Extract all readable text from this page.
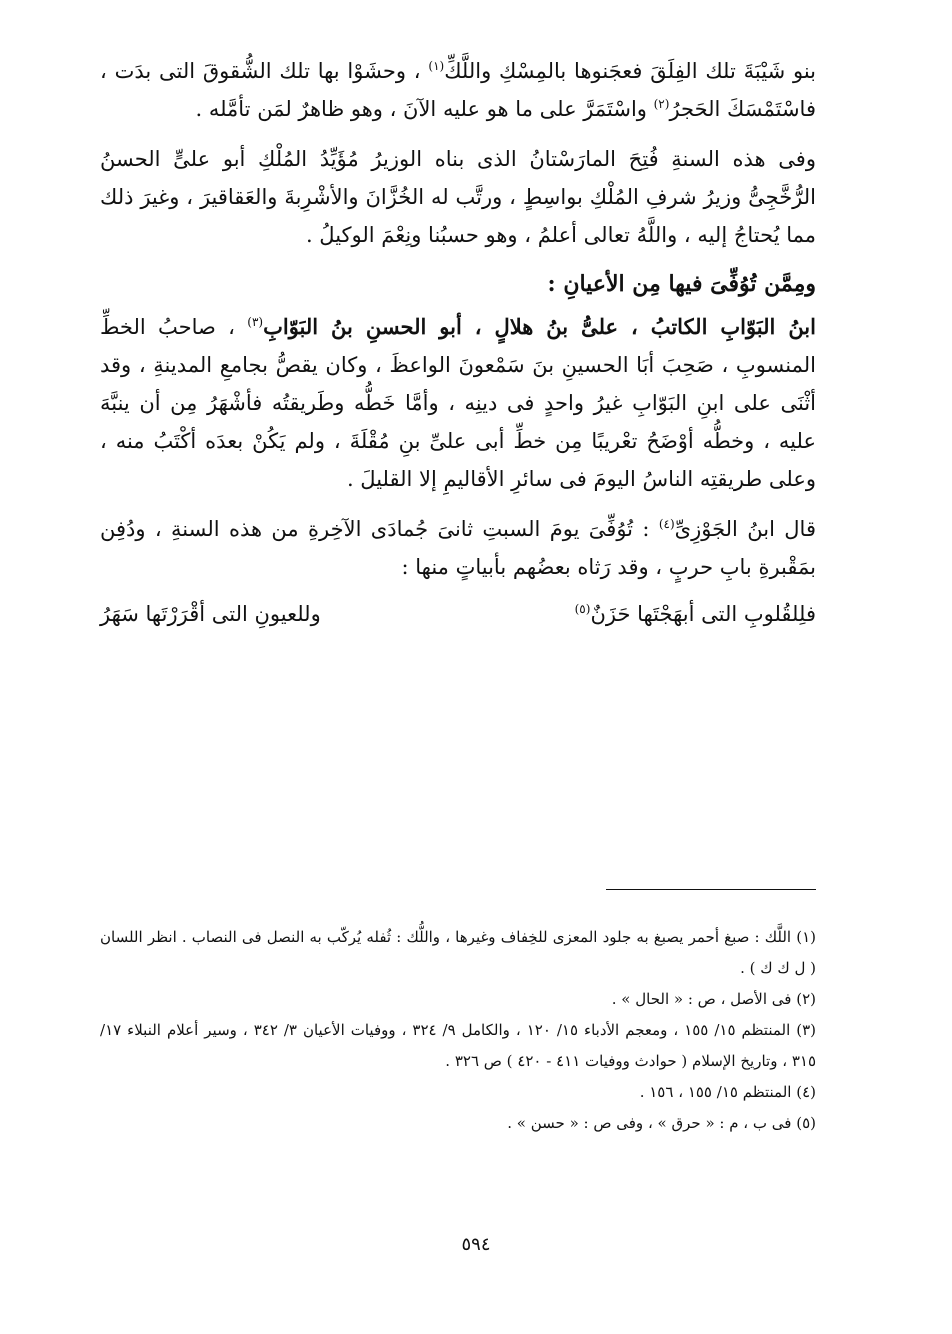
بنو شَيْبَةَ تلك الفِلَقَ فعجَنوها بالمِسْكِ واللَّكِّ$^{(١)}$ ، وحشَوْا بها تلك الشُّقوقَ التى بدَت ، فاسْتَمْسَكَ الحَجرُ$^{(٢)}$ واسْتَمَرَّ على ما هو عليه الآنَ ، وهو ظاهرٌ لمَن تأمَّله .

وفى هذه السنةِ فُتِحَ المارَسْتانُ الذى بناه الوزيرُ مُؤَيِّدُ المُلْكِ أبو علىٍّ الحسنُ الرُّخَّجِىُّ وزيرُ شرفِ المُلْكِ بواسِطٍ ، ورتَّب له الخُزَّانَ والأشْرِبةَ والعَقاقيرَ ، وغيرَ ذلك مما يُحتاجُ إليه ، واللَّهُ تعالى أعلمُ ، وهو حسبُنا ونِعْمَ الوكيلُ .

ومِمَّن تُوُفِّىَ فيها مِن الأعيانِ :

ابنُ البَوّابِ الكاتبُ ، علىُّ بنُ هلالٍ ، أبو الحسنِ بنُ البَوّابِ$^{(٣)}$ ، صاحبُ الخطِّ المنسوبِ ، صَحِبَ أبَا الحسينِ بنَ سَمْعونَ الواعظَ ، وكان يقصُّ بجامعِ المدينةِ ، وقد أثْنَى على ابنِ البَوّابِ غيرُ واحدٍ فى دينِه ، وأمَّا خَطُّه وطَريقتُه فأشْهَرُ مِن أن ينبَّهَ عليه ، وخطُّه أوْضَحُ تعْريبًا مِن خطِّ أبى علىِّ بنِ مُقْلَةَ ، ولم يَكُنْ بعدَه أكْتَبُ منه ، وعلى طريقتِه الناسُ اليومَ فى سائرِ الأقاليمِ إلا القليلَ .

قال ابنُ الجَوْزِىِّ$^{(٤)}$ : تُوُفِّىَ يومَ السبتِ ثانىَ جُمادَى الآخِرةِ من هذه السنةِ ، ودُفِن بمَقْبرةِ بابِ حربٍ ، وقد رَثاه بعضُهم بأبياتٍ منها :

فلِلقُلوبِ التى أبهَجْتَها حَزَنٌ$^{(٥)}$
وللعيونِ التى أقْرَرْتَها سَهَرُ

(١) اللَّك : صبغ أحمر يصبغ به جلود المعزى للخِفاف وغيرها ، واللُّك : ثُفله يُركّب به النصل فى النصاب . انظر اللسان ( ل ك ك ) .

(٢) فى الأصل ، ص : « الحال » .

(٣) المنتظم ١٥/ ١٥٥ ، ومعجم الأدباء ١٥/ ١٢٠ ، والكامل ٩/ ٣٢٤ ، ووفيات الأعيان ٣/ ٣٤٢ ، وسير أعلام النبلاء ١٧/ ٣١٥ ، وتاريخ الإسلام ( حوادث ووفيات ٤١١ - ٤٢٠ ) ص ٣٢٦ .

(٤) المنتظم ١٥/ ١٥٥ ، ١٥٦ .

(٥) فى ب ، م : « حرق » ، وفى ص : « حسن » .

٥٩٤
